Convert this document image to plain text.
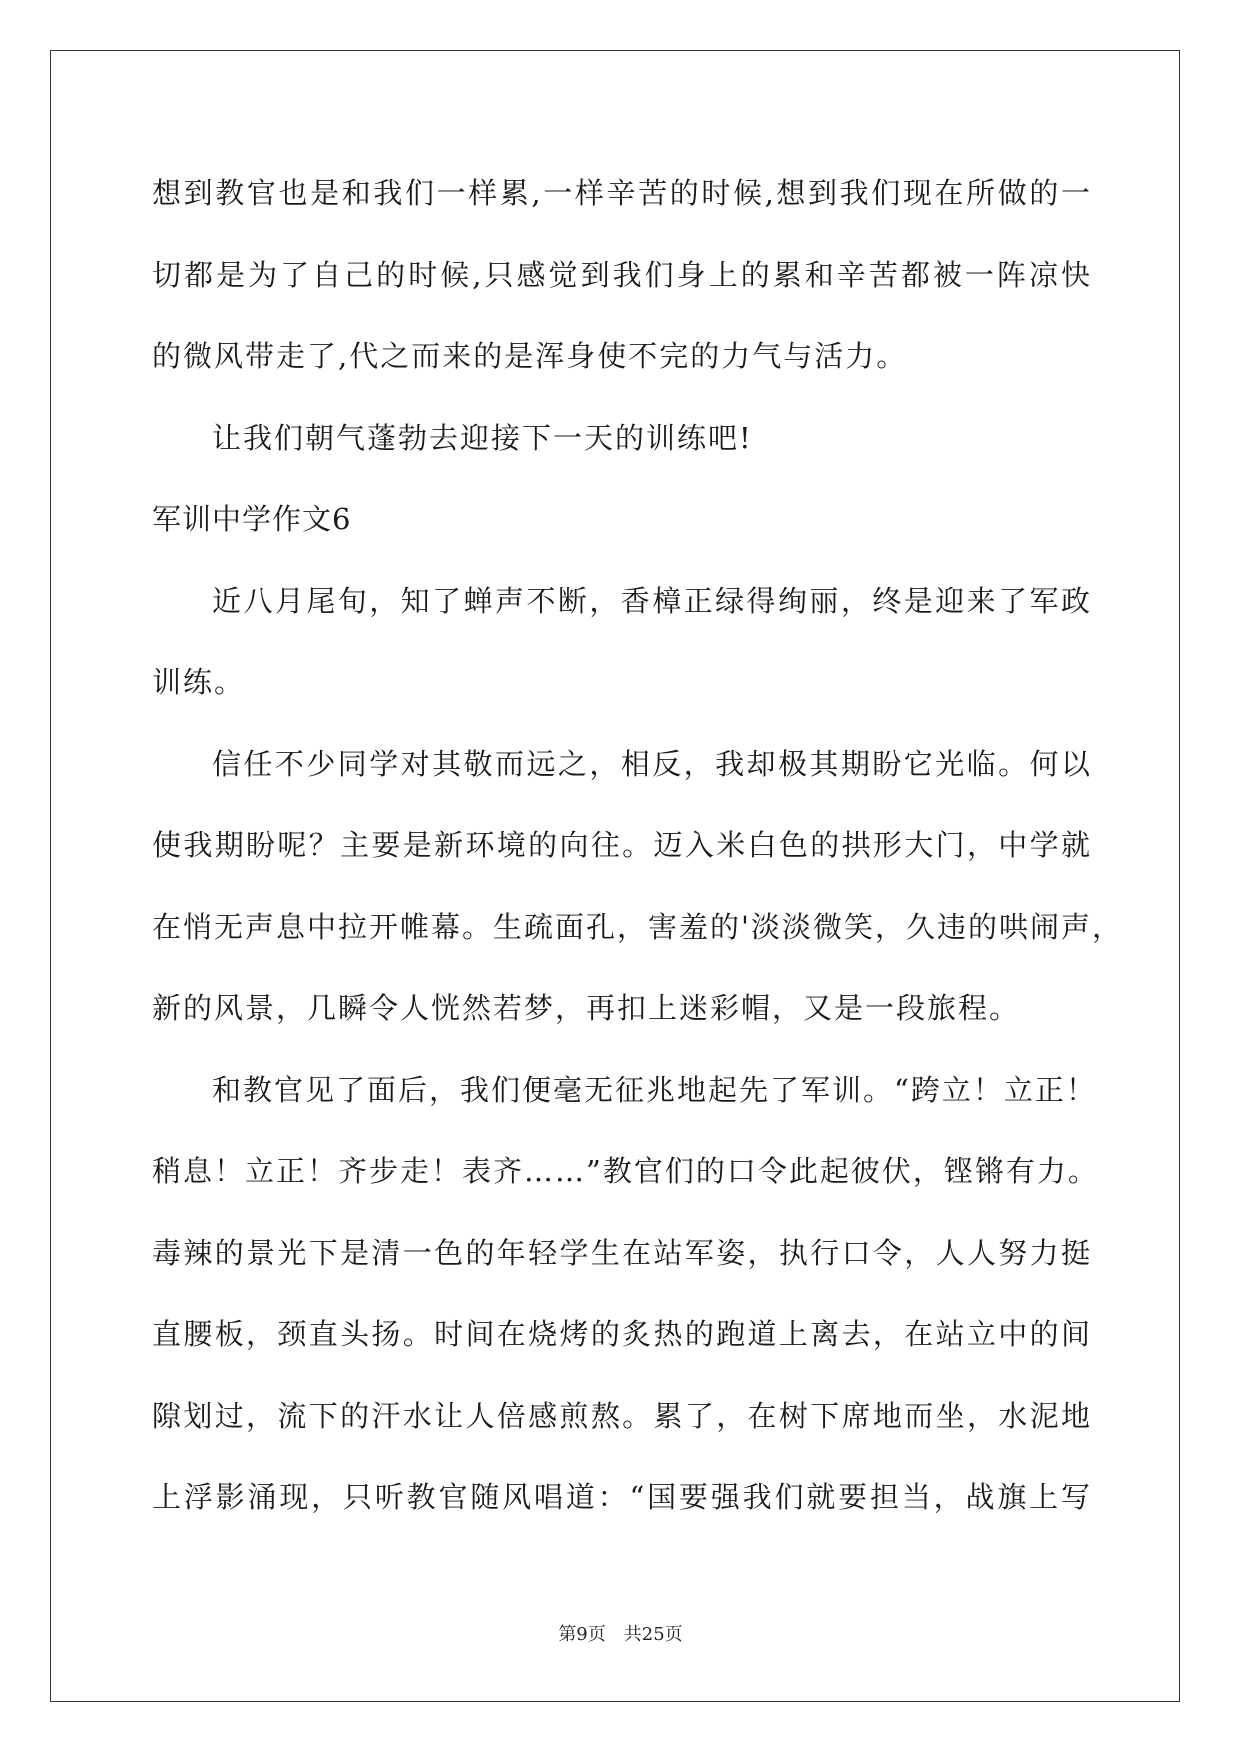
想到教官也是和我们一样累,一样辛苦的时候,想到我们现在所做的一
切都是为了自己的时候,只感觉到我们身上的累和辛苦都被一阵凉快
的微风带走了,代之而来的是浑身使不完的力气与活力。
让我们朝气蓬勃去迎接下一天的训练吧!
军训中学作文6
近八月尾旬，知了蝉声不断，香樟正绿得绚丽，终是迎来了军政
训练。
信任不少同学对其敬而远之，相反，我却极其期盼它光临。何以
使我期盼呢？主要是新环境的向往。迈入米白色的拱形大门，中学就
在悄无声息中拉开帷幕。生疏面孔，害羞的'淡淡微笑，久违的哄闹声，
新的风景，几瞬令人恍然若梦，再扣上迷彩帽，又是一段旅程。
和教官见了面后，我们便毫无征兆地起先了军训。“跨立！立正！
稍息！立正！齐步走！表齐……”教官们的口令此起彼伏，铿锵有力。
毒辣的景光下是清一色的年轻学生在站军姿，执行口令，人人努力挺
直腰板，颈直头扬。时间在烧烤的炙热的跑道上离去，在站立中的间
隙划过，流下的汗水让人倍感煎熬。累了，在树下席地而坐，水泥地
上浮影涌现，只听教官随风唱道：“国要强我们就要担当，战旗上写
第9页 共25页
